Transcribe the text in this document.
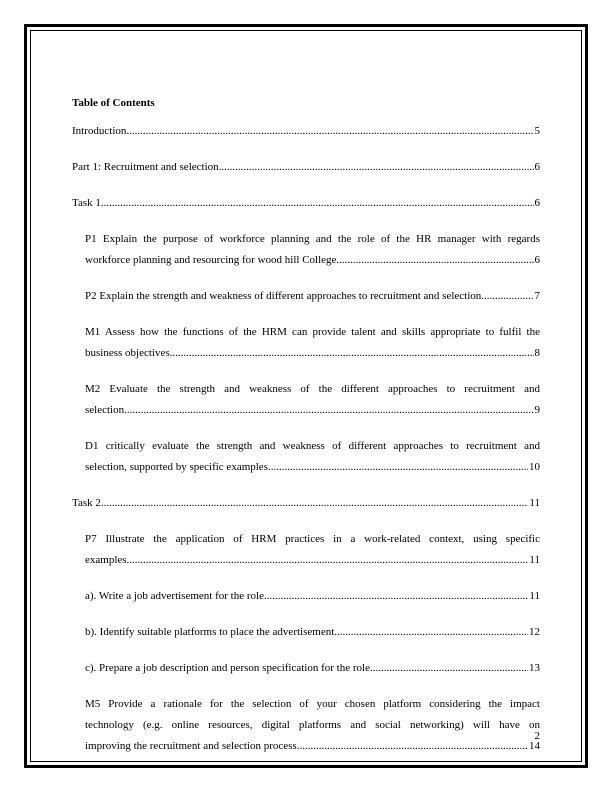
Table of Contents
Introduction .....	5
Part 1: Recruitment and selection .....	6
Task 1 .....	6
P1 Explain the purpose of workforce planning and the role of the HR manager with regards
workforce planning and resourcing for wood hill College .....	6
P2 Explain the strength and weakness of different approaches to recruitment and selection. .....	7
M1 Assess how the functions of the HRM can provide talent and skills appropriate to fulfil the
business objectives .....	8
M2 Evaluate the strength and weakness of the different approaches to recruitment and
selection .....	9
D1 critically evaluate the strength and weakness of different approaches to recruitment and
selection, supported by specific examples .....	10
Task 2 .....	11
P7 Illustrate the application of HRM practices in a work-related context, using specific
examples .....	11
a). Write a job advertisement for the role .....	11
b). Identify suitable platforms to place the advertisement .....	12
c). Prepare a job description and person specification for the role .....	13
M5 Provide a rationale for the selection of your chosen platform considering the impact
technology (e.g. online resources, digital platforms and social networking) will have on
improving the recruitment and selection process .....	14
2
